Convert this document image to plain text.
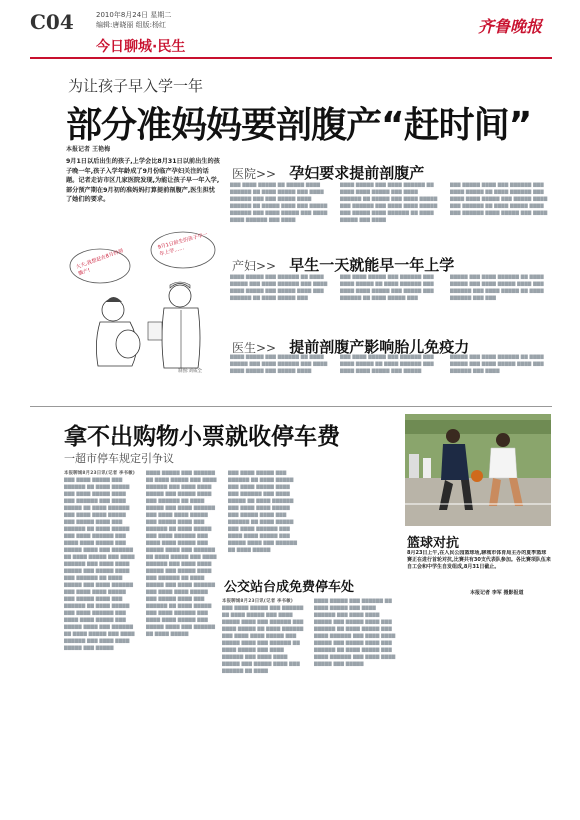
C04	2010年8月24日 星期二
编辑:唐晓丽 组版:杨红
今日聊城·民生
齐鲁晚报
为让孩子早入学一年
部分准妈妈要剖腹产“赶时间”
本报记者 王艳梅
9月1日以后出生的孩子,上学会比8月31日以前出生的孩子晚一年,孩子入学年龄成了9月份临产孕妇关注的话题。记者走访市区几家医院发现,为能让孩子早一年入学,部分预产期在9月初的准妈妈打算提前剖腹产,医生担忧了她们的要求。
大夫,我想赶在8月份剖腹产!
9月1日前生的孩子早一年上学……
制图:刘威全
医院>> 孕妇要求提前剖腹产
▇▇▇ ▇▇▇▇ ▇▇▇▇▇ ▇▇ ▇▇▇▇▇ ▇▇▇▇ ▇▇▇▇▇▇ ▇▇ ▇▇▇▇ ▇▇▇▇▇ ▇▇▇ ▇▇▇▇ ▇▇▇▇▇▇ ▇▇▇ ▇▇▇ ▇▇▇▇▇ ▇▇▇▇ ▇▇▇▇▇▇ ▇▇ ▇▇▇▇▇ ▇▇▇▇ ▇▇▇ ▇▇▇▇▇ ▇▇▇▇▇▇ ▇▇▇ ▇▇▇▇ ▇▇▇▇▇ ▇▇▇ ▇▇▇▇ ▇▇▇▇ ▇▇▇▇▇▇ ▇▇▇ ▇▇▇▇
▇▇▇▇ ▇▇▇▇▇ ▇▇▇ ▇▇▇▇ ▇▇▇▇▇▇ ▇▇ ▇▇▇▇ ▇▇▇▇ ▇▇▇▇▇ ▇▇▇ ▇▇▇▇ ▇▇▇▇▇▇ ▇▇ ▇▇▇▇▇ ▇▇▇ ▇▇▇▇ ▇▇▇▇▇ ▇▇▇ ▇▇▇▇▇▇ ▇▇▇ ▇▇▇▇ ▇▇▇▇ ▇▇▇▇▇ ▇▇▇ ▇▇▇▇▇ ▇▇▇▇ ▇▇▇▇▇▇ ▇▇ ▇▇▇▇ ▇▇▇▇▇ ▇▇▇ ▇▇▇▇
▇▇▇ ▇▇▇▇▇ ▇▇▇▇ ▇▇▇ ▇▇▇▇▇▇ ▇▇▇ ▇▇▇▇ ▇▇▇▇▇ ▇▇ ▇▇▇▇ ▇▇▇▇▇▇ ▇▇▇ ▇▇▇▇ ▇▇▇▇ ▇▇▇▇▇ ▇▇▇ ▇▇▇▇▇ ▇▇▇▇ ▇▇▇ ▇▇▇▇▇▇ ▇▇ ▇▇▇▇ ▇▇▇▇▇ ▇▇▇▇ ▇▇▇ ▇▇▇▇▇▇ ▇▇▇▇ ▇▇▇▇▇ ▇▇▇ ▇▇▇▇
产妇>> 早生一天就能早一年上学
▇▇▇▇ ▇▇▇▇▇ ▇▇▇ ▇▇▇▇▇▇ ▇▇ ▇▇▇▇ ▇▇▇▇▇ ▇▇▇ ▇▇▇▇ ▇▇▇▇▇▇ ▇▇▇ ▇▇▇▇ ▇▇▇▇ ▇▇▇▇▇ ▇▇▇ ▇▇▇▇▇ ▇▇▇▇ ▇▇▇ ▇▇▇▇▇▇ ▇▇ ▇▇▇▇ ▇▇▇▇▇ ▇▇▇
▇▇▇ ▇▇▇▇ ▇▇▇▇▇ ▇▇▇ ▇▇▇▇▇▇ ▇▇▇ ▇▇▇▇ ▇▇▇▇▇ ▇▇ ▇▇▇▇ ▇▇▇▇▇▇ ▇▇▇ ▇▇▇▇ ▇▇▇▇ ▇▇▇▇▇ ▇▇▇ ▇▇▇▇▇ ▇▇▇ ▇▇▇▇▇▇ ▇▇ ▇▇▇▇ ▇▇▇▇▇ ▇▇▇
▇▇▇▇▇ ▇▇▇ ▇▇▇▇ ▇▇▇▇▇▇ ▇▇ ▇▇▇▇ ▇▇▇▇▇ ▇▇▇ ▇▇▇▇ ▇▇▇▇▇ ▇▇▇▇ ▇▇▇ ▇▇▇▇▇▇ ▇▇▇ ▇▇▇▇ ▇▇▇▇▇ ▇▇ ▇▇▇▇ ▇▇▇▇▇▇ ▇▇▇ ▇▇▇
医生>> 提前剖腹产影响胎儿免疫力
▇▇▇▇ ▇▇▇▇▇ ▇▇▇ ▇▇▇▇▇▇ ▇▇ ▇▇▇▇ ▇▇▇▇▇ ▇▇▇ ▇▇▇▇ ▇▇▇▇▇▇ ▇▇▇ ▇▇▇▇ ▇▇▇▇ ▇▇▇▇▇ ▇▇▇ ▇▇▇▇▇ ▇▇▇▇
▇▇▇ ▇▇▇▇ ▇▇▇▇▇ ▇▇▇ ▇▇▇▇▇▇ ▇▇▇ ▇▇▇▇ ▇▇▇▇▇ ▇▇ ▇▇▇▇ ▇▇▇▇▇▇ ▇▇▇ ▇▇▇▇ ▇▇▇▇ ▇▇▇▇▇ ▇▇▇ ▇▇▇▇▇
▇▇▇▇▇ ▇▇▇ ▇▇▇▇ ▇▇▇▇▇▇ ▇▇ ▇▇▇▇ ▇▇▇▇▇ ▇▇▇ ▇▇▇▇ ▇▇▇▇▇ ▇▇▇▇ ▇▇▇ ▇▇▇▇▇▇ ▇▇▇ ▇▇▇▇
拿不出购物小票就收停车费
一超市停车规定引争议
本报聊城8月23日讯(记者 李书敏) ▇▇▇ ▇▇▇▇ ▇▇▇▇▇ ▇▇▇ ▇▇▇▇▇▇ ▇▇ ▇▇▇▇ ▇▇▇▇▇ ▇▇▇ ▇▇▇▇ ▇▇▇▇▇ ▇▇▇▇ ▇▇▇ ▇▇▇▇▇▇ ▇▇▇ ▇▇▇▇ ▇▇▇▇▇ ▇▇ ▇▇▇▇ ▇▇▇▇▇▇ ▇▇▇ ▇▇▇▇ ▇▇▇▇ ▇▇▇▇▇ ▇▇▇ ▇▇▇▇▇ ▇▇▇▇ ▇▇▇ ▇▇▇▇▇▇ ▇▇ ▇▇▇▇ ▇▇▇▇▇ ▇▇▇ ▇▇▇▇ ▇▇▇▇▇▇ ▇▇▇ ▇▇▇▇ ▇▇▇▇ ▇▇▇▇▇ ▇▇▇ ▇▇▇▇▇ ▇▇▇▇ ▇▇▇ ▇▇▇▇▇▇ ▇▇ ▇▇▇▇ ▇▇▇▇▇ ▇▇▇ ▇▇▇▇ ▇▇▇▇▇▇ ▇▇▇ ▇▇▇▇ ▇▇▇▇ ▇▇▇▇▇ ▇▇▇ ▇▇▇▇▇ ▇▇▇▇ ▇▇▇ ▇▇▇▇▇▇ ▇▇ ▇▇▇▇ ▇▇▇▇▇ ▇▇▇ ▇▇▇▇ ▇▇▇▇▇▇ ▇▇▇ ▇▇▇▇ ▇▇▇▇ ▇▇▇▇▇ ▇▇▇ ▇▇▇▇▇ ▇▇▇▇ ▇▇▇ ▇▇▇▇▇▇ ▇▇ ▇▇▇▇ ▇▇▇▇▇ ▇▇▇ ▇▇▇▇ ▇▇▇▇▇▇ ▇▇▇ ▇▇▇▇ ▇▇▇▇ ▇▇▇▇▇ ▇▇▇ ▇▇▇▇▇ ▇▇▇▇ ▇▇▇ ▇▇▇▇▇▇ ▇▇ ▇▇▇▇ ▇▇▇▇▇ ▇▇▇ ▇▇▇▇ ▇▇▇▇▇▇ ▇▇▇ ▇▇▇▇ ▇▇▇▇ ▇▇▇▇▇ ▇▇▇ ▇▇▇▇▇
▇▇▇▇ ▇▇▇▇▇ ▇▇▇ ▇▇▇▇▇▇ ▇▇ ▇▇▇▇ ▇▇▇▇▇ ▇▇▇ ▇▇▇▇ ▇▇▇▇▇▇ ▇▇▇ ▇▇▇▇ ▇▇▇▇ ▇▇▇▇▇ ▇▇▇ ▇▇▇▇▇ ▇▇▇▇ ▇▇▇ ▇▇▇▇▇▇ ▇▇ ▇▇▇▇ ▇▇▇▇▇ ▇▇▇ ▇▇▇▇ ▇▇▇▇▇▇ ▇▇▇ ▇▇▇▇ ▇▇▇▇ ▇▇▇▇▇ ▇▇▇ ▇▇▇▇▇ ▇▇▇▇ ▇▇▇ ▇▇▇▇▇▇ ▇▇ ▇▇▇▇ ▇▇▇▇▇ ▇▇▇ ▇▇▇▇ ▇▇▇▇▇▇ ▇▇▇ ▇▇▇▇ ▇▇▇▇ ▇▇▇▇▇ ▇▇▇ ▇▇▇▇▇ ▇▇▇▇ ▇▇▇ ▇▇▇▇▇▇ ▇▇ ▇▇▇▇ ▇▇▇▇▇ ▇▇▇ ▇▇▇▇ ▇▇▇▇▇▇ ▇▇▇ ▇▇▇▇ ▇▇▇▇ ▇▇▇▇▇ ▇▇▇ ▇▇▇▇▇ ▇▇▇▇ ▇▇▇ ▇▇▇▇▇▇ ▇▇ ▇▇▇▇ ▇▇▇▇▇ ▇▇▇ ▇▇▇▇ ▇▇▇▇▇▇ ▇▇▇ ▇▇▇▇ ▇▇▇▇ ▇▇▇▇▇ ▇▇▇ ▇▇▇▇▇ ▇▇▇▇ ▇▇▇ ▇▇▇▇▇▇ ▇▇ ▇▇▇▇ ▇▇▇▇▇ ▇▇▇ ▇▇▇▇ ▇▇▇▇▇▇ ▇▇▇ ▇▇▇▇ ▇▇▇▇ ▇▇▇▇▇ ▇▇▇ ▇▇▇▇▇ ▇▇▇▇ ▇▇▇ ▇▇▇▇▇▇ ▇▇ ▇▇▇▇ ▇▇▇▇▇
▇▇▇ ▇▇▇▇ ▇▇▇▇▇ ▇▇▇ ▇▇▇▇▇▇ ▇▇ ▇▇▇▇ ▇▇▇▇▇ ▇▇▇ ▇▇▇▇ ▇▇▇▇▇ ▇▇▇▇ ▇▇▇ ▇▇▇▇▇▇ ▇▇▇ ▇▇▇▇ ▇▇▇▇▇ ▇▇ ▇▇▇▇ ▇▇▇▇▇▇ ▇▇▇ ▇▇▇▇ ▇▇▇▇ ▇▇▇▇▇ ▇▇▇ ▇▇▇▇▇ ▇▇▇▇ ▇▇▇ ▇▇▇▇▇▇ ▇▇ ▇▇▇▇ ▇▇▇▇▇ ▇▇▇ ▇▇▇▇ ▇▇▇▇▇▇ ▇▇▇ ▇▇▇▇ ▇▇▇▇ ▇▇▇▇▇ ▇▇▇ ▇▇▇▇▇ ▇▇▇▇ ▇▇▇ ▇▇▇▇▇▇ ▇▇ ▇▇▇▇ ▇▇▇▇▇
公交站台成免费停车处
本报聊城8月23日讯(记者 李书敏) ▇▇▇ ▇▇▇▇ ▇▇▇▇▇ ▇▇▇ ▇▇▇▇▇▇ ▇▇ ▇▇▇▇ ▇▇▇▇▇ ▇▇▇ ▇▇▇▇ ▇▇▇▇▇ ▇▇▇▇ ▇▇▇ ▇▇▇▇▇▇ ▇▇▇ ▇▇▇▇ ▇▇▇▇▇ ▇▇ ▇▇▇▇ ▇▇▇▇▇▇ ▇▇▇ ▇▇▇▇ ▇▇▇▇ ▇▇▇▇▇ ▇▇▇ ▇▇▇▇▇ ▇▇▇▇ ▇▇▇ ▇▇▇▇▇▇ ▇▇ ▇▇▇▇ ▇▇▇▇▇ ▇▇▇ ▇▇▇▇ ▇▇▇▇▇▇ ▇▇▇ ▇▇▇▇ ▇▇▇▇ ▇▇▇▇▇ ▇▇▇ ▇▇▇▇▇ ▇▇▇▇ ▇▇▇ ▇▇▇▇▇▇ ▇▇ ▇▇▇▇
▇▇▇▇ ▇▇▇▇▇ ▇▇▇ ▇▇▇▇▇▇ ▇▇ ▇▇▇▇ ▇▇▇▇▇ ▇▇▇ ▇▇▇▇ ▇▇▇▇▇▇ ▇▇▇ ▇▇▇▇ ▇▇▇▇ ▇▇▇▇▇ ▇▇▇ ▇▇▇▇▇ ▇▇▇▇ ▇▇▇ ▇▇▇▇▇▇ ▇▇ ▇▇▇▇ ▇▇▇▇▇ ▇▇▇ ▇▇▇▇ ▇▇▇▇▇▇ ▇▇▇ ▇▇▇▇ ▇▇▇▇ ▇▇▇▇▇ ▇▇▇ ▇▇▇▇▇ ▇▇▇▇ ▇▇▇ ▇▇▇▇▇▇ ▇▇ ▇▇▇▇ ▇▇▇▇▇ ▇▇▇ ▇▇▇▇ ▇▇▇▇▇▇ ▇▇▇ ▇▇▇▇ ▇▇▇▇ ▇▇▇▇▇ ▇▇▇ ▇▇▇▇▇
篮球对抗
8月23日上午,在人民公园篮球场,聊城市体育局主办的夏季篮球赛正在进行首轮对抗,比赛共有30支代表队参加。各比赛项队伍来自工会和中学生自发组成,8月31日截止。
本报记者 李军 摄影报道
